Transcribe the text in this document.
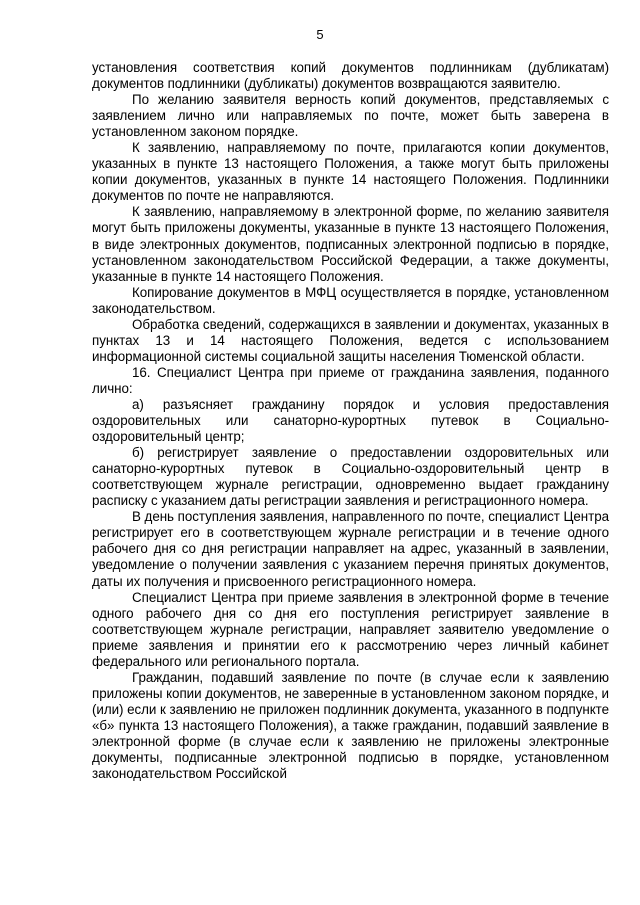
5

установления соответствия копий документов подлинникам (дубликатам) документов подлинники (дубликаты) документов возвращаются заявителю.

По желанию заявителя верность копий документов, представляемых с заявлением лично или направляемых по почте, может быть заверена в установленном законом порядке.

К заявлению, направляемому по почте, прилагаются копии документов, указанных в пункте 13 настоящего Положения, а также могут быть приложены копии документов, указанных в пункте 14 настоящего Положения. Подлинники документов по почте не направляются.

К заявлению, направляемому в электронной форме, по желанию заявителя могут быть приложены документы, указанные в пункте 13 настоящего Положения, в виде электронных документов, подписанных электронной подписью в порядке, установленном законодательством Российской Федерации, а также документы, указанные в пункте 14 настоящего Положения.

Копирование документов в МФЦ осуществляется в порядке, установленном законодательством.

Обработка сведений, содержащихся в заявлении и документах, указанных в пунктах 13 и 14 настоящего Положения, ведется с использованием информационной системы социальной защиты населения Тюменской области.

16. Специалист Центра при приеме от гражданина заявления, поданного лично:

а) разъясняет гражданину порядок и условия предоставления оздоровительных или санаторно-курортных путевок в Социально-оздоровительный центр;

б) регистрирует заявление о предоставлении оздоровительных или санаторно-курортных путевок в Социально-оздоровительный центр в соответствующем журнале регистрации, одновременно выдает гражданину расписку с указанием даты регистрации заявления и регистрационного номера.

В день поступления заявления, направленного по почте, специалист Центра регистрирует его в соответствующем журнале регистрации и в течение одного рабочего дня со дня регистрации направляет на адрес, указанный в заявлении, уведомление о получении заявления с указанием перечня принятых документов, даты их получения и присвоенного регистрационного номера.

Специалист Центра при приеме заявления в электронной форме в течение одного рабочего дня со дня его поступления регистрирует заявление в соответствующем журнале регистрации, направляет заявителю уведомление о приеме заявления и принятии его к рассмотрению через личный кабинет федерального или регионального портала.

Гражданин, подавший заявление по почте (в случае если к заявлению приложены копии документов, не заверенные в установленном законом порядке, и (или) если к заявлению не приложен подлинник документа, указанного в подпункте «б» пункта 13 настоящего Положения), а также гражданин, подавший заявление в электронной форме (в случае если к заявлению не приложены электронные документы, подписанные электронной подписью в порядке, установленном законодательством Российской
